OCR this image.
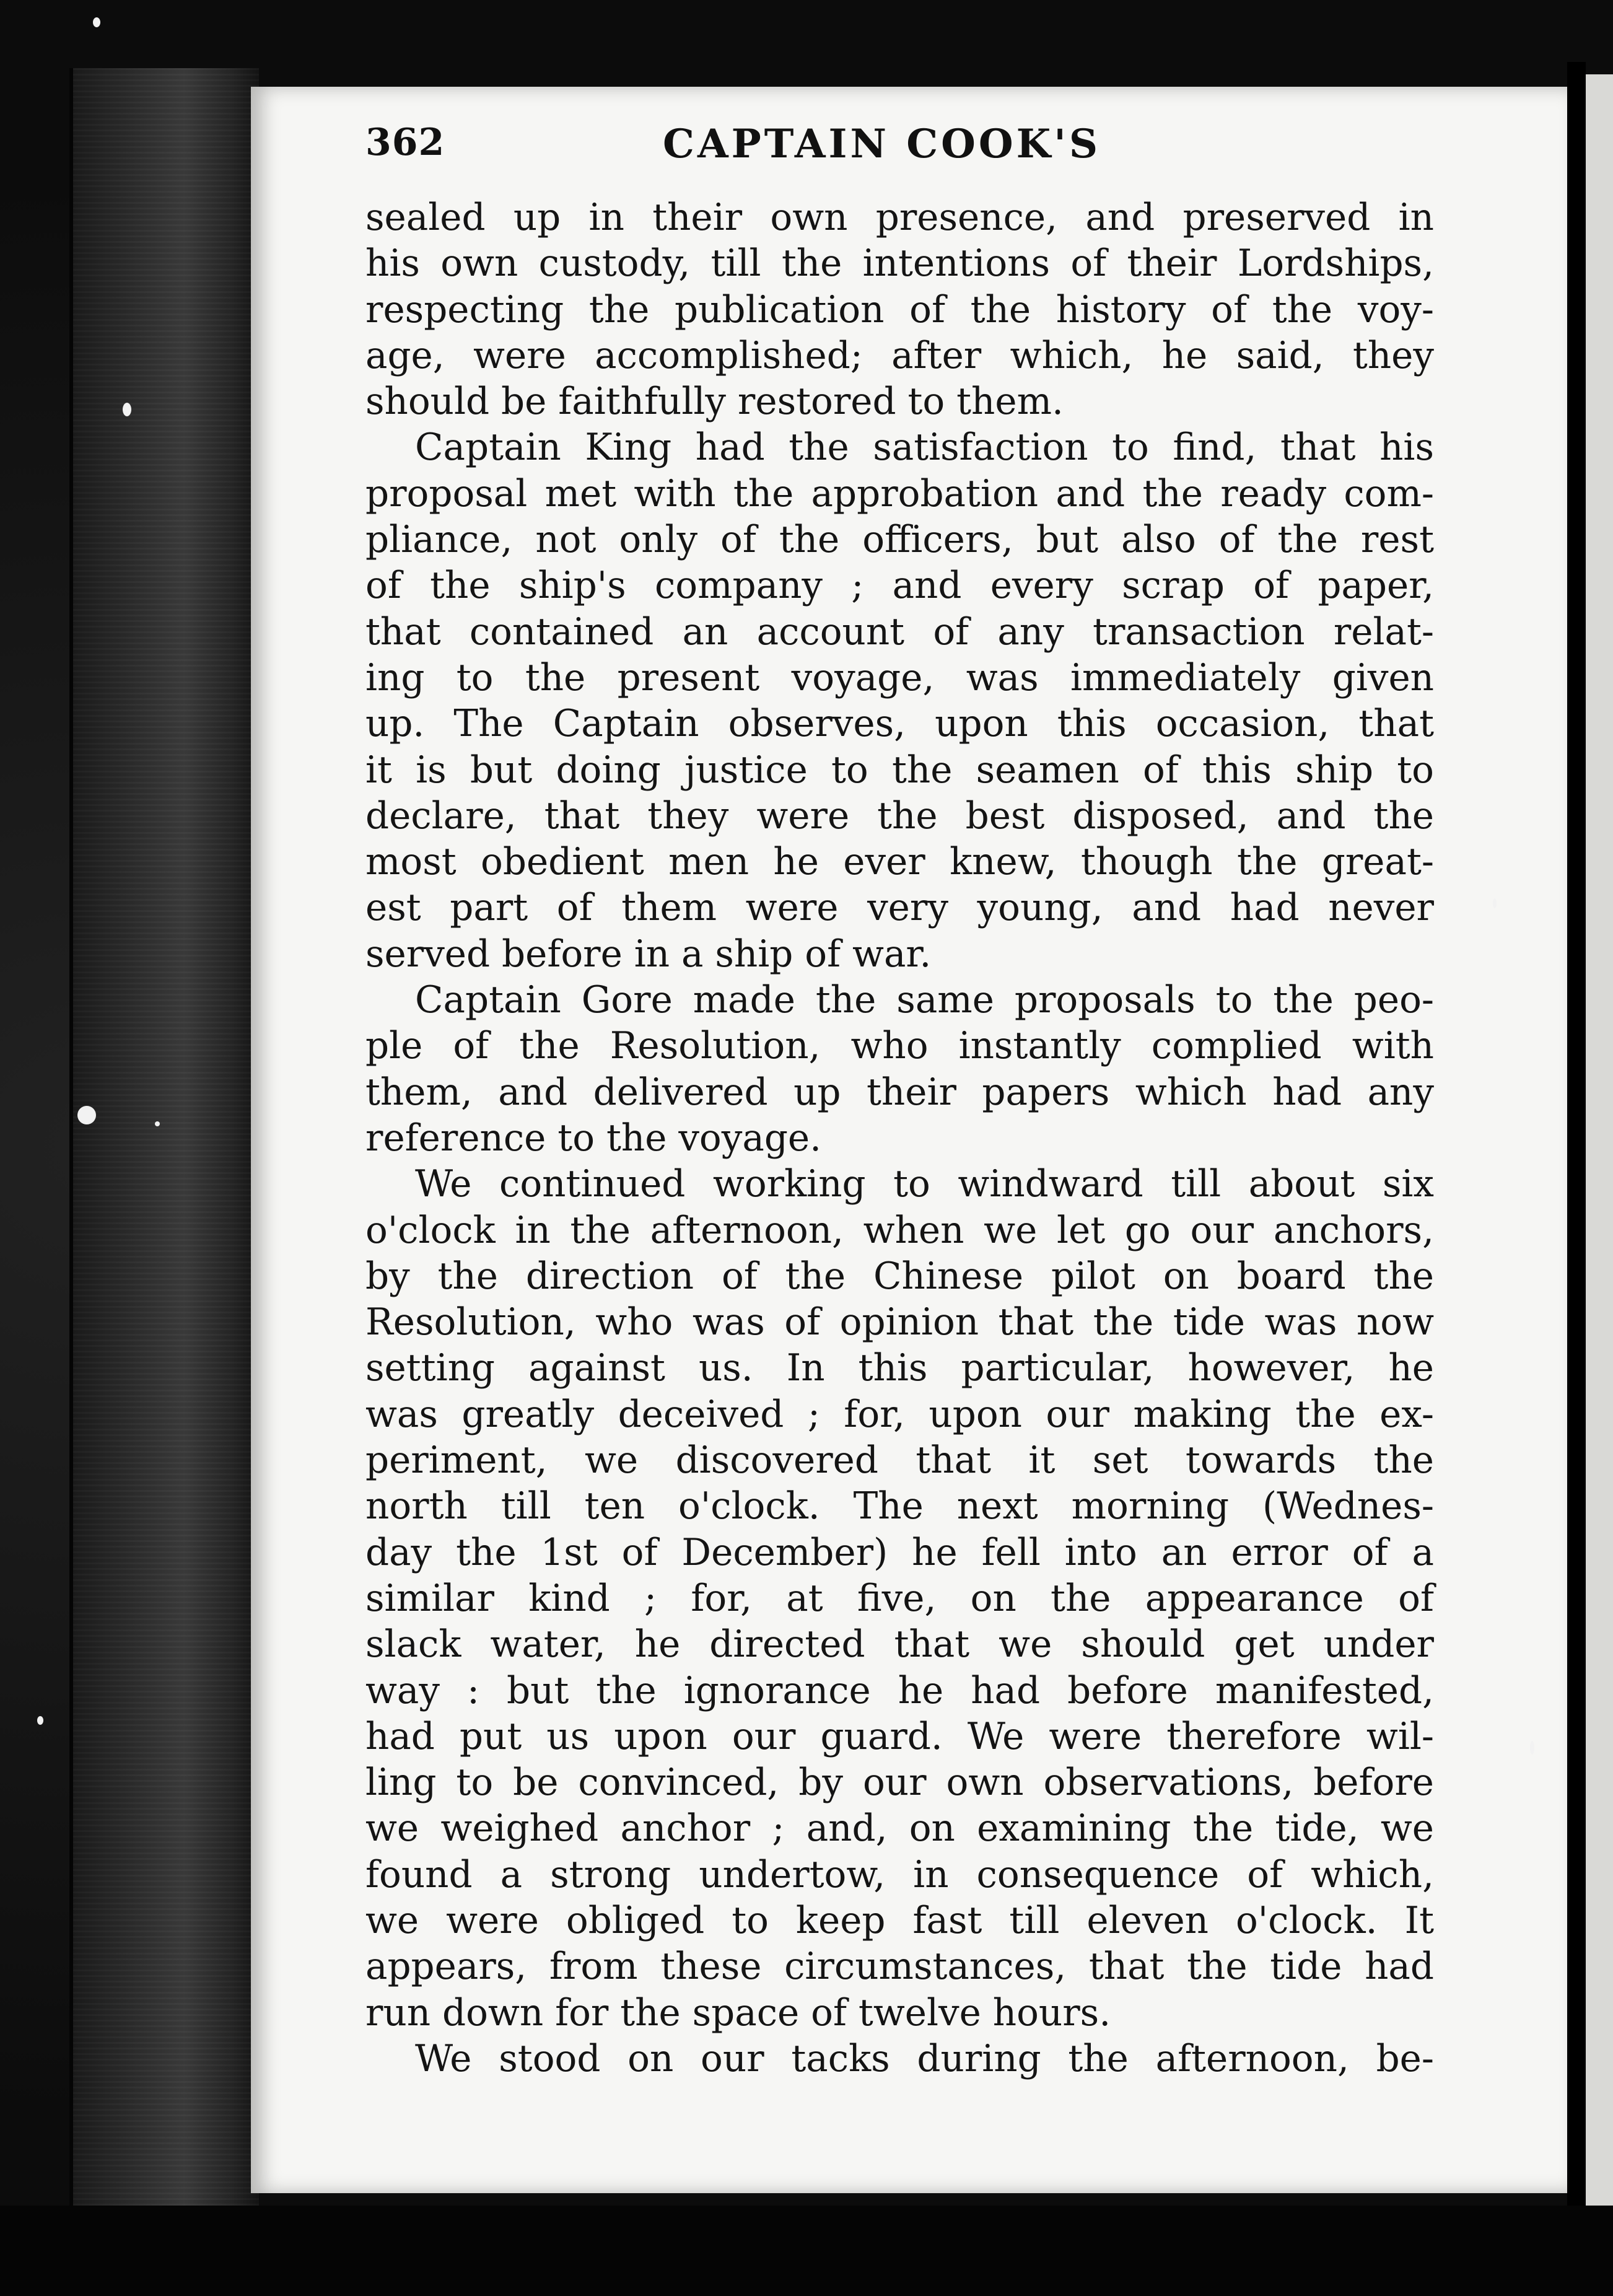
362	CAPTAIN COOK'S
sealed up in their own presence, and preserved in
his own custody, till the intentions of their Lordships,
respecting the publication of the history of the voy-
age, were accomplished; after which, he said, they
should be faithfully restored to them.
Captain King had the satisfaction to find, that his
proposal met with the approbation and the ready com-
pliance, not only of the officers, but also of the rest
of the ship's company ; and every scrap of paper,
that contained an account of any transaction relat-
ing to the present voyage, was immediately given
up. The Captain observes, upon this occasion, that
it is but doing justice to the seamen of this ship to
declare, that they were the best disposed, and the
most obedient men he ever knew, though the great-
est part of them were very young, and had never
served before in a ship of war.
Captain Gore made the same proposals to the peo-
ple of the Resolution, who instantly complied with
them, and delivered up their papers which had any
reference to the voyage.
We continued working to windward till about six
o'clock in the afternoon, when we let go our anchors,
by the direction of the Chinese pilot on board the
Resolution, who was of opinion that the tide was now
setting against us. In this particular, however, he
was greatly deceived ; for, upon our making the ex-
periment, we discovered that it set towards the
north till ten o'clock. The next morning (Wednes-
day the 1st of December) he fell into an error of a
similar kind ; for, at five, on the appearance of
slack water, he directed that we should get under
way : but the ignorance he had before manifested,
had put us upon our guard. We were therefore wil-
ling to be convinced, by our own observations, before
we weighed anchor ; and, on examining the tide, we
found a strong undertow, in consequence of which,
we were obliged to keep fast till eleven o'clock. It
appears, from these circumstances, that the tide had
run down for the space of twelve hours.
We stood on our tacks during the afternoon, be-
